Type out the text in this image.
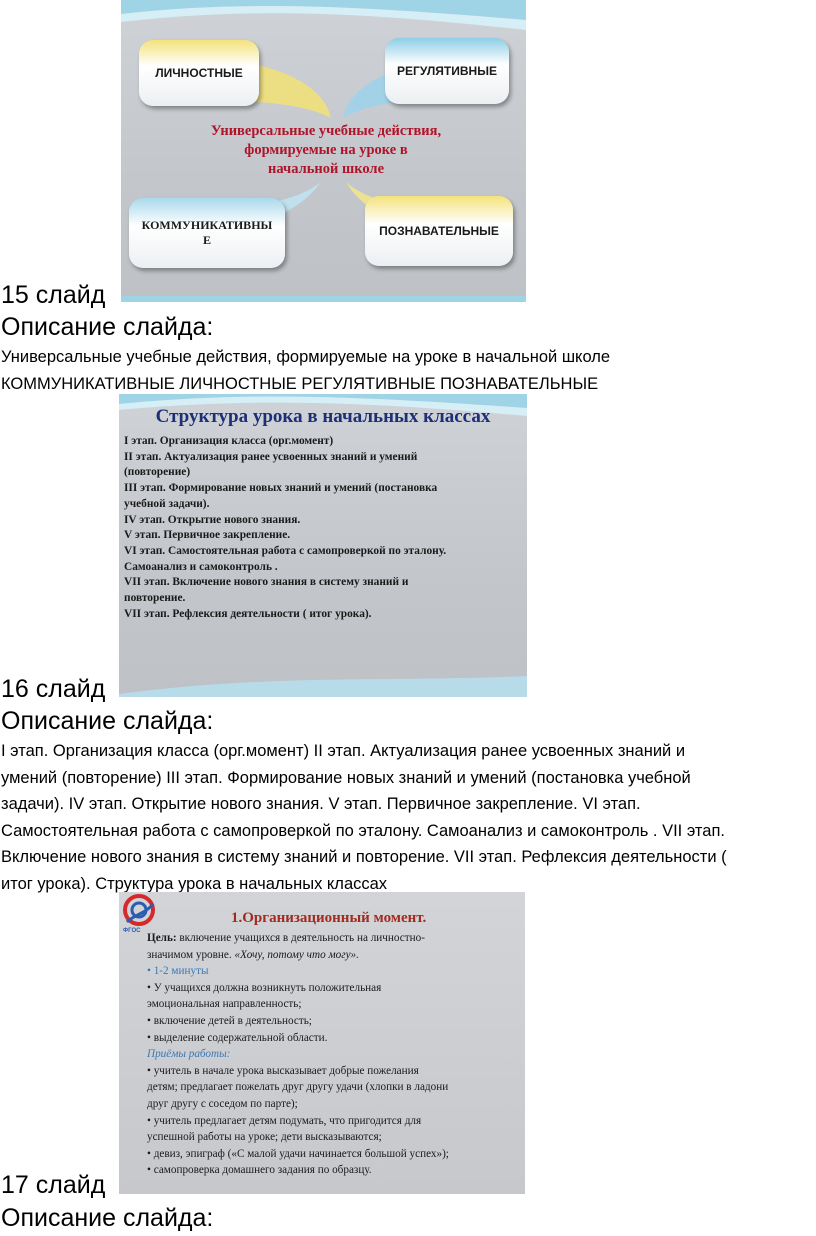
ЛИЧНОСТНЫЕ	РЕГУЛЯТИВНЫЕ
Универсальные учебные действия,
формируемые на уроке в
начальной школе
КОММУНИКАТИВНЫ
Е
ПОЗНАВАТЕЛЬНЫЕ
15 слайд
Описание слайда:
Универсальные учебные действия, формируемые на уроке в начальной школе
КОММУНИКАТИВНЫЕ ЛИЧНОСТНЫЕ РЕГУЛЯТИВНЫЕ ПОЗНАВАТЕЛЬНЫЕ
Структура урока в начальных классах
I этап. Организация класса (орг.момент)
II этап. Актуализация ранее усвоенных знаний и умений
(повторение)
III этап. Формирование новых знаний и умений (постановка
учебной задачи).
IV этап. Открытие нового знания.
V этап. Первичное закрепление.
VI этап. Самостоятельная работа с самопроверкой по эталону.
Самоанализ и самоконтроль .
VII этап. Включение нового знания в систему знаний и
повторение.
VII этап. Рефлексия деятельности ( итог урока).
16 слайд
Описание слайда:
I этап. Организация класса (орг.момент) II этап. Актуализация ранее усвоенных знаний и
умений (повторение) III этап. Формирование новых знаний и умений (постановка учебной
задачи). IV этап. Открытие нового знания. V этап. Первичное закрепление. VI этап.
Самостоятельная работа с самопроверкой по эталону. Самоанализ и самоконтроль . VII этап.
Включение нового знания в систему знаний и повторение. VII этап. Рефлексия деятельности (
итог урока). Структура урока в начальных классах
ФГОС
1.Организационный момент.
Цель: включение учащихся в деятельность на личностно-
значимом уровне. «Хочу, потому что могу».
• 1-2 минуты
• У учащихся должна возникнуть положительная
эмоциональная направленность;
• включение детей в деятельность;
• выделение содержательной области.
Приёмы работы:
• учитель в начале урока высказывает добрые пожелания
детям; предлагает пожелать друг другу удачи (хлопки в ладони
друг другу с соседом по парте);
• учитель предлагает детям подумать, что пригодится для
успешной работы на уроке; дети высказываются;
• девиз, эпиграф («С малой удачи начинается большой успех»);
• самопроверка домашнего задания по образцу.
17 слайд
Описание слайда:
